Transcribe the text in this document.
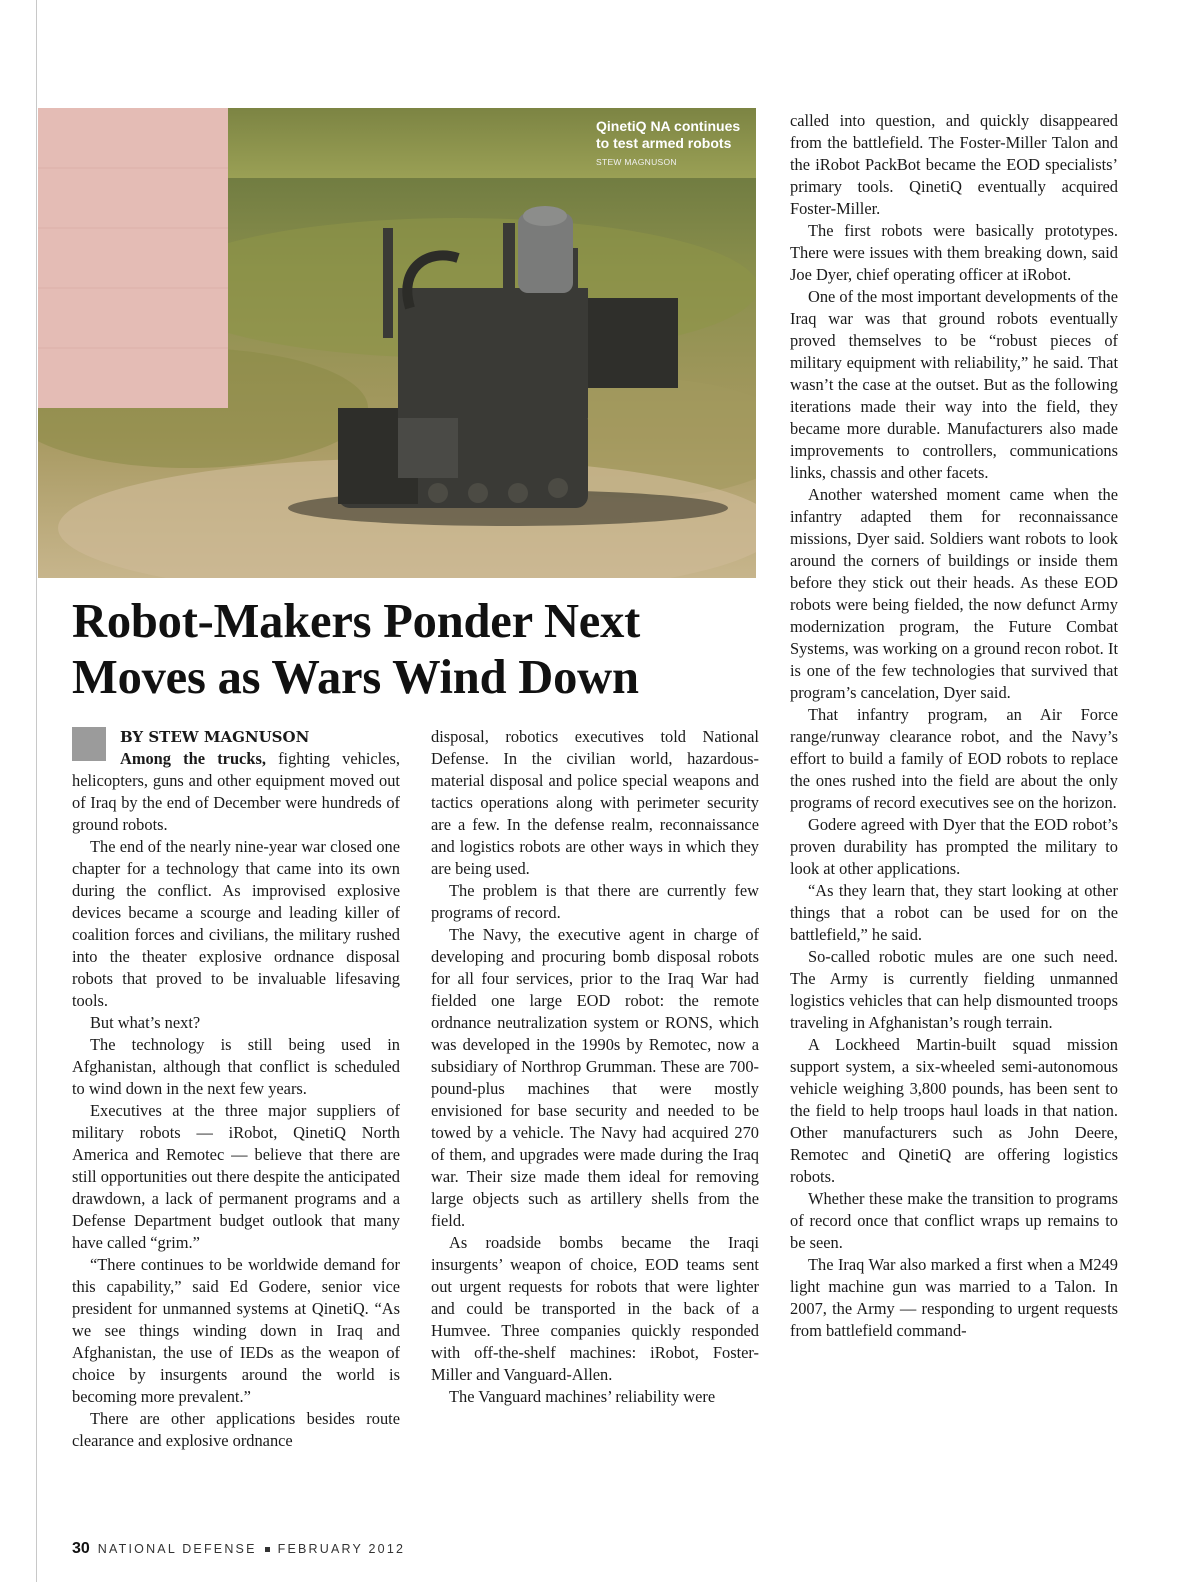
QinetiQ NA continues
to test armed robots
STEW MAGNUSON
Robot-Makers Ponder Next
Moves as Wars Wind Down
BY STEW MAGNUSON

Among the trucks, fighting vehicles, helicopters, guns and other equipment moved out of Iraq by the end of December were hundreds of ground robots.

The end of the nearly nine-year war closed one chapter for a technology that came into its own during the conflict. As improvised explosive devices became a scourge and leading killer of coalition forces and civilians, the military rushed into the theater explosive ordnance disposal robots that proved to be invaluable lifesaving tools.

But what’s next?

The technology is still being used in Afghanistan, although that conflict is scheduled to wind down in the next few years.

Executives at the three major suppliers of military robots — iRobot, QinetiQ North America and Remotec — believe that there are still opportunities out there despite the anticipated drawdown, a lack of permanent programs and a Defense Department budget outlook that many have called “grim.”

“There continues to be worldwide demand for this capability,” said Ed Godere, senior vice president for unmanned systems at QinetiQ. “As we see things winding down in Iraq and Afghanistan, the use of IEDs as the weapon of choice by insurgents around the world is becoming more prevalent.”

There are other applications besides route clearance and explosive ordnance

disposal, robotics executives told National Defense. In the civilian world, hazardous-material disposal and police special weapons and tactics operations along with perimeter security are a few. In the defense realm, reconnaissance and logistics robots are other ways in which they are being used.

The problem is that there are currently few programs of record.

The Navy, the executive agent in charge of developing and procuring bomb disposal robots for all four services, prior to the Iraq War had fielded one large EOD robot: the remote ordnance neutralization system or RONS, which was developed in the 1990s by Remotec, now a subsidiary of Northrop Grumman. These are 700-pound-plus machines that were mostly envisioned for base security and needed to be towed by a vehicle. The Navy had acquired 270 of them, and upgrades were made during the Iraq war. Their size made them ideal for removing large objects such as artillery shells from the field.

As roadside bombs became the Iraqi insurgents’ weapon of choice, EOD teams sent out urgent requests for robots that were lighter and could be transported in the back of a Humvee. Three companies quickly responded with off-the-shelf machines: iRobot, Foster-Miller and Vanguard-Allen.

The Vanguard machines’ reliability were

called into question, and quickly disappeared from the battlefield. The Foster-Miller Talon and the iRobot PackBot became the EOD specialists’ primary tools. QinetiQ eventually acquired Foster-Miller.

The first robots were basically prototypes. There were issues with them breaking down, said Joe Dyer, chief operating officer at iRobot.

One of the most important developments of the Iraq war was that ground robots eventually proved themselves to be “robust pieces of military equipment with reliability,” he said. That wasn’t the case at the outset. But as the following iterations made their way into the field, they became more durable. Manufacturers also made improvements to controllers, communications links, chassis and other facets.

Another watershed moment came when the infantry adapted them for reconnaissance missions, Dyer said. Soldiers want robots to look around the corners of buildings or inside them before they stick out their heads. As these EOD robots were being fielded, the now defunct Army modernization program, the Future Combat Systems, was working on a ground recon robot. It is one of the few technologies that survived that program’s cancelation, Dyer said.

That infantry program, an Air Force range/runway clearance robot, and the Navy’s effort to build a family of EOD robots to replace the ones rushed into the field are about the only programs of record executives see on the horizon.

Godere agreed with Dyer that the EOD robot’s proven durability has prompted the military to look at other applications.

“As they learn that, they start looking at other things that a robot can be used for on the battlefield,” he said.

So-called robotic mules are one such need. The Army is currently fielding unmanned logistics vehicles that can help dismounted troops traveling in Afghanistan’s rough terrain.

A Lockheed Martin-built squad mission support system, a six-wheeled semi-autonomous vehicle weighing 3,800 pounds, has been sent to the field to help troops haul loads in that nation. Other manufacturers such as John Deere, Remotec and QinetiQ are offering logistics robots.

Whether these make the transition to programs of record once that conflict wraps up remains to be seen.

The Iraq War also marked a first when a M249 light machine gun was married to a Talon. In 2007, the Army — responding to urgent requests from battlefield command-

30 NATIONAL DEFENSE FEBRUARY 2012
